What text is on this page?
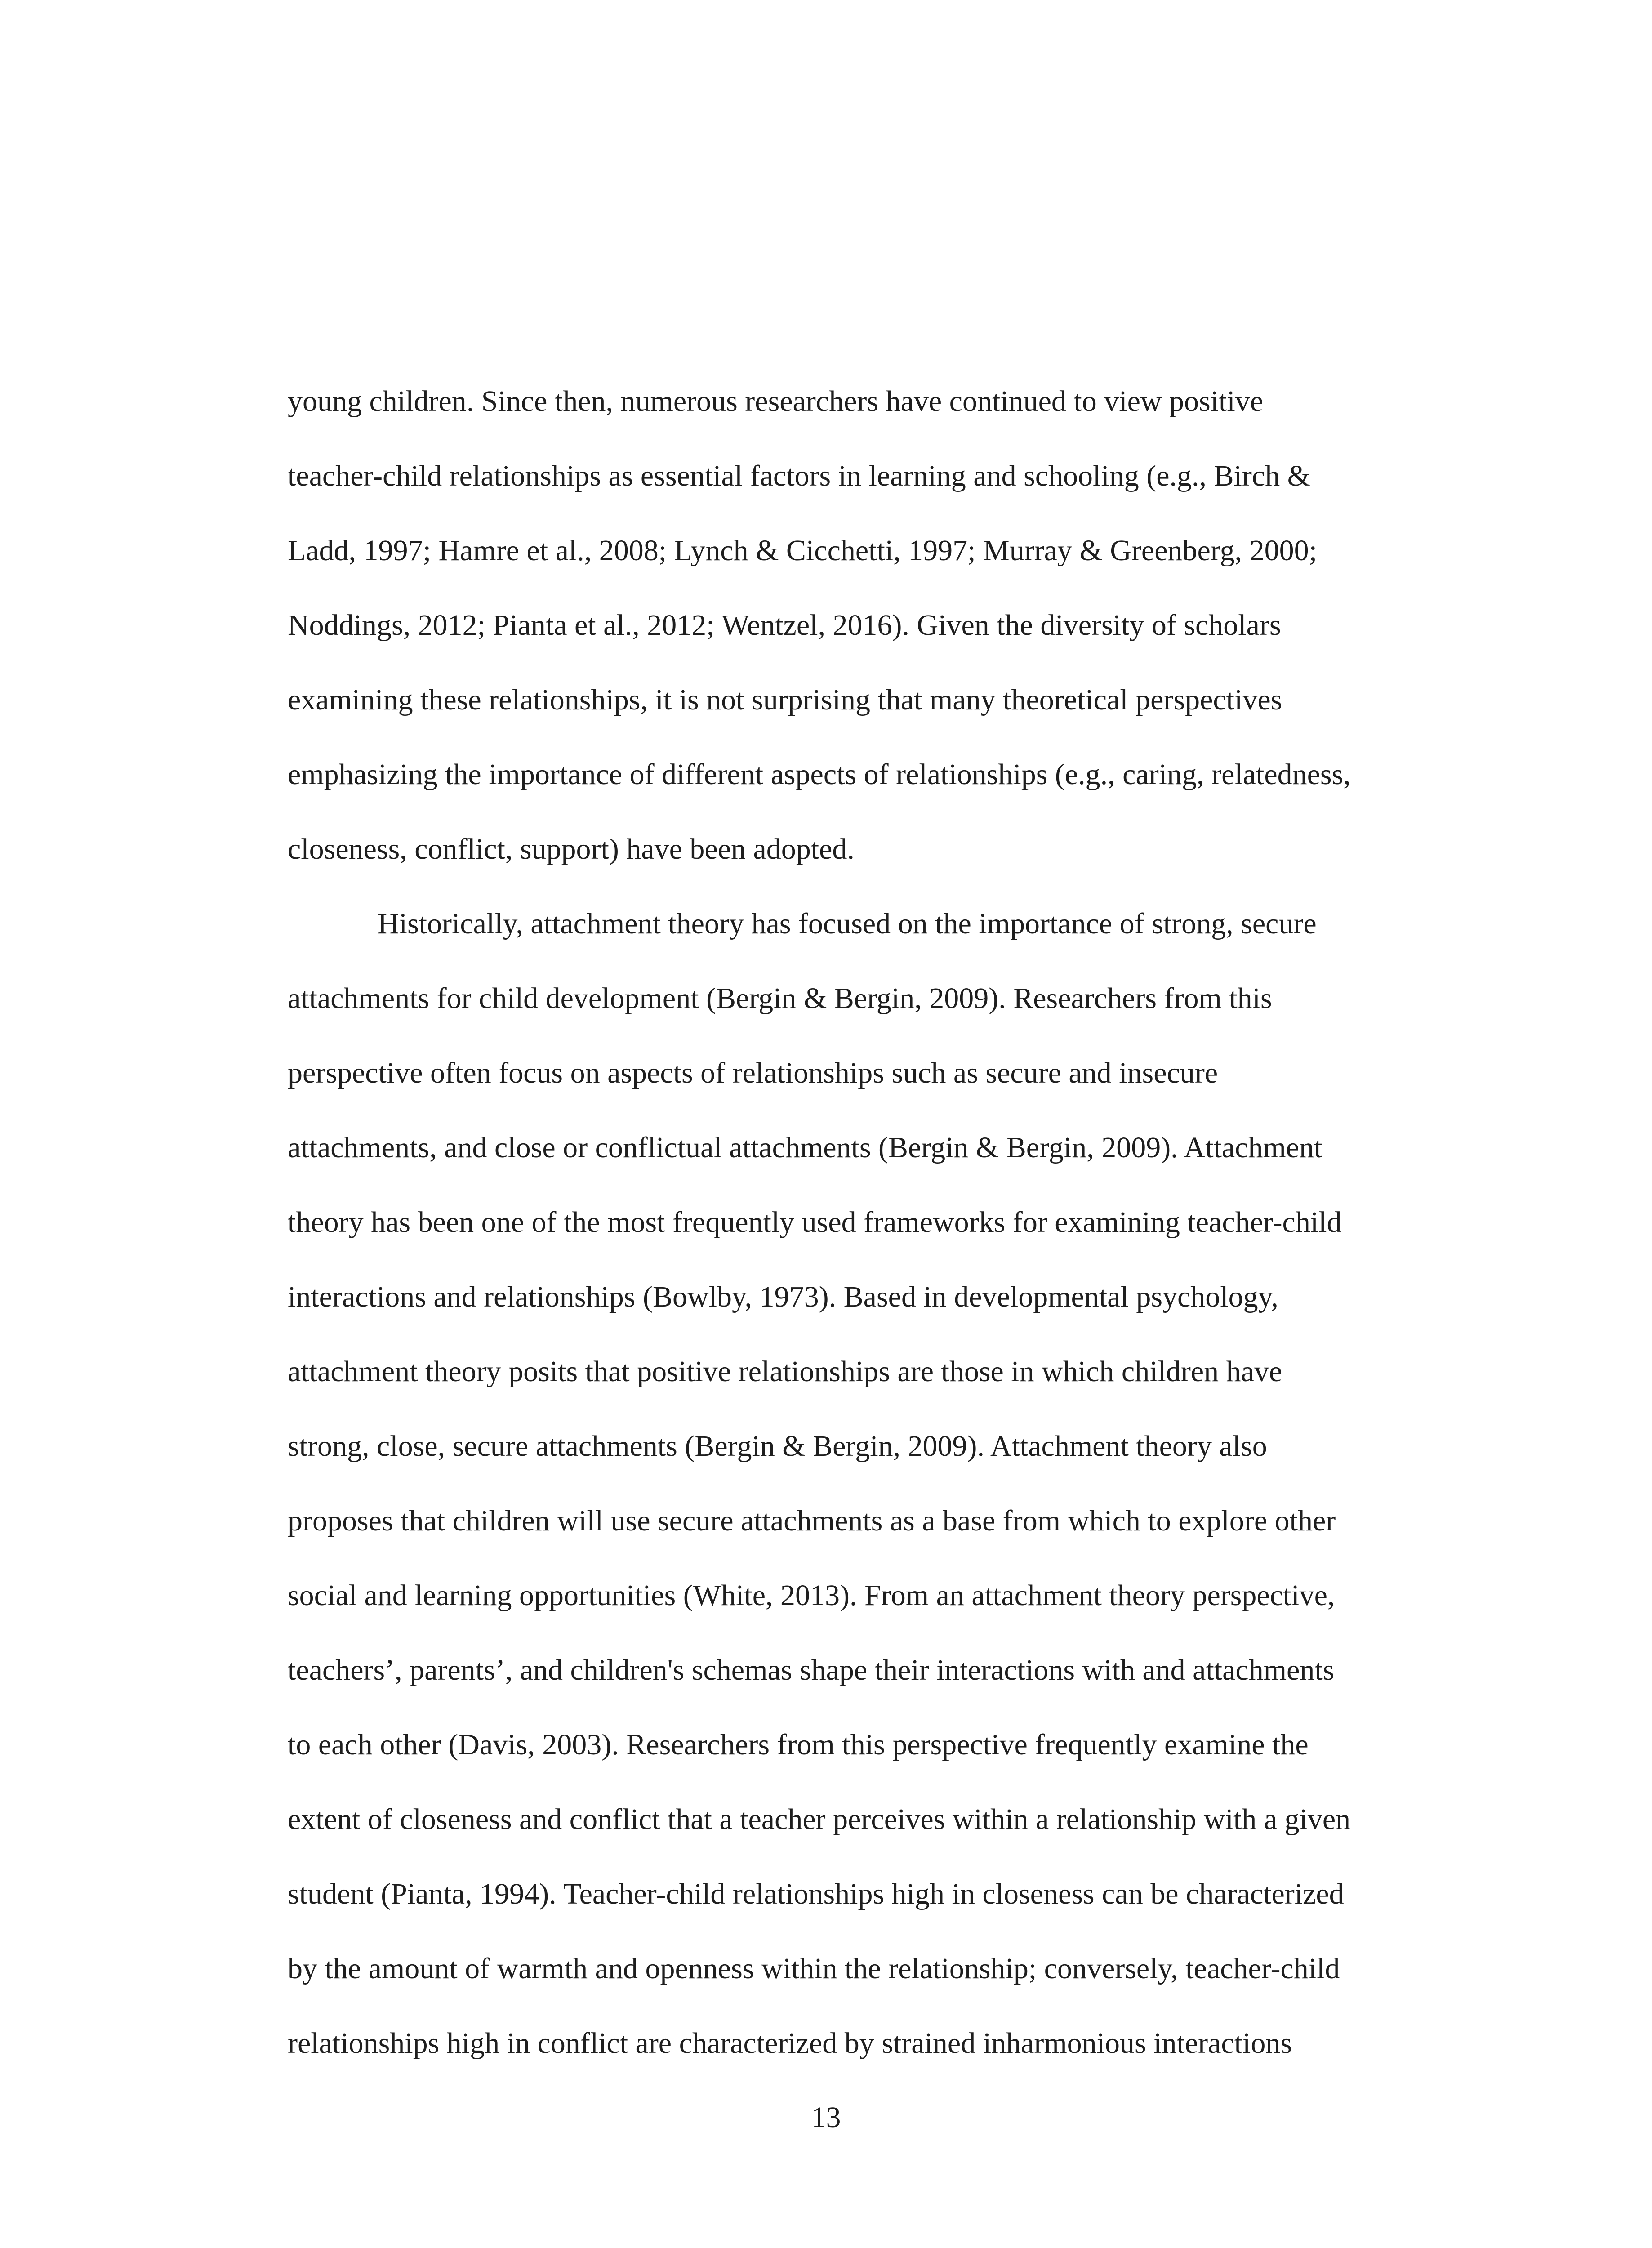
young children. Since then, numerous researchers have continued to view positive
teacher-child relationships as essential factors in learning and schooling (e.g., Birch &
Ladd, 1997; Hamre et al., 2008; Lynch & Cicchetti, 1997; Murray & Greenberg, 2000;
Noddings, 2012; Pianta et al., 2012; Wentzel, 2016). Given the diversity of scholars
examining these relationships, it is not surprising that many theoretical perspectives
emphasizing the importance of different aspects of relationships (e.g., caring, relatedness,
closeness, conflict, support) have been adopted.
Historically, attachment theory has focused on the importance of strong, secure
attachments for child development (Bergin & Bergin, 2009). Researchers from this
perspective often focus on aspects of relationships such as secure and insecure
attachments, and close or conflictual attachments (Bergin & Bergin, 2009). Attachment
theory has been one of the most frequently used frameworks for examining teacher-child
interactions and relationships (Bowlby, 1973). Based in developmental psychology,
attachment theory posits that positive relationships are those in which children have
strong, close, secure attachments (Bergin & Bergin, 2009). Attachment theory also
proposes that children will use secure attachments as a base from which to explore other
social and learning opportunities (White, 2013). From an attachment theory perspective,
teachers’, parents’, and children's schemas shape their interactions with and attachments
to each other (Davis, 2003). Researchers from this perspective frequently examine the
extent of closeness and conflict that a teacher perceives within a relationship with a given
student (Pianta, 1994). Teacher-child relationships high in closeness can be characterized
by the amount of warmth and openness within the relationship; conversely, teacher-child
relationships high in conflict are characterized by strained inharmonious interactions
13
